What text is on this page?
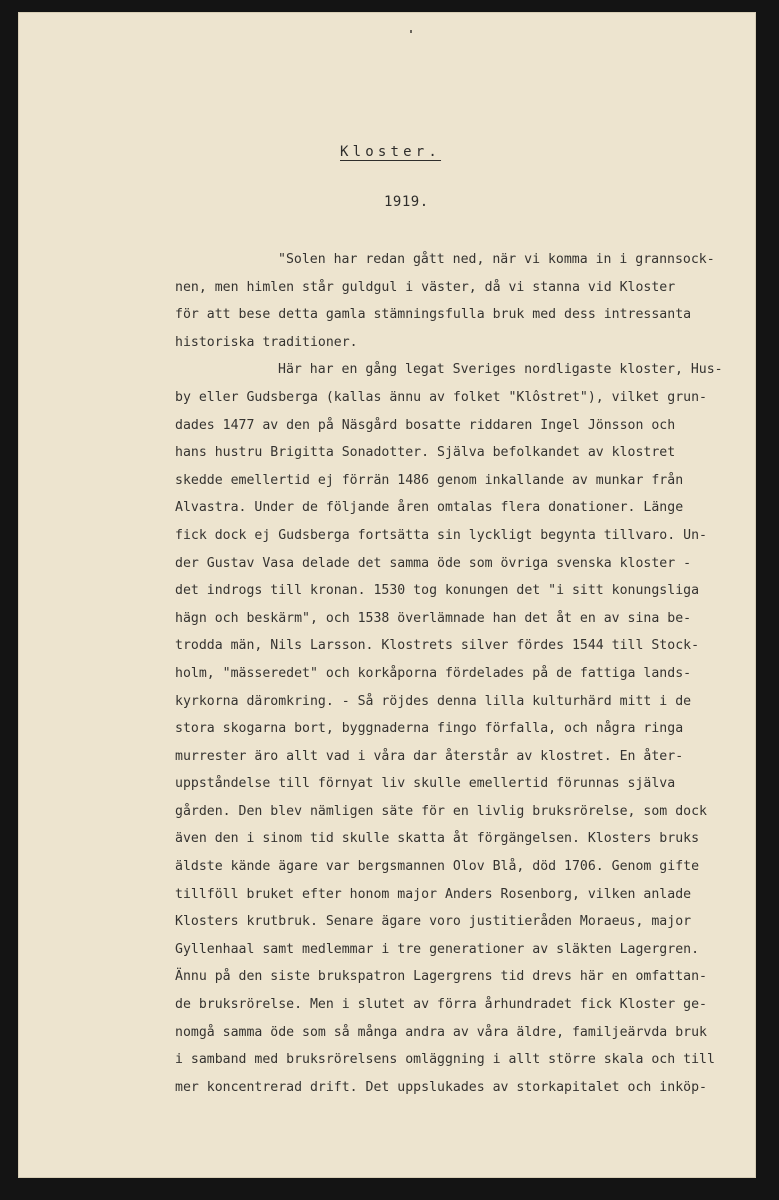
Kloster.
1919.
"Solen har redan gått ned, när vi komma in i grannsock-
nen, men himlen står guldgul i väster, då vi stanna vid Kloster
för att bese detta gamla stämningsfulla bruk med dess intressanta
historiska traditioner.
Här har en gång legat Sveriges nordligaste kloster, Hus-
by eller Gudsberga (kallas ännu av folket "Klôstret"), vilket grun-
dades 1477 av den på Näsgård bosatte riddaren Ingel Jönsson och
hans hustru Brigitta Sonadotter. Själva befolkandet av klostret
skedde emellertid ej förrän 1486 genom inkallande av munkar från
Alvastra. Under de följande åren omtalas flera donationer. Länge
fick dock ej Gudsberga fortsätta sin lyckligt begynta tillvaro. Un-
der Gustav Vasa delade det samma öde som övriga svenska kloster -
det indrogs till kronan. 1530 tog konungen det "i sitt konungsliga
hägn och beskärm", och 1538 överlämnade han det åt en av sina be-
trodda män, Nils Larsson. Klostrets silver fördes 1544 till Stock-
holm, "mässeredet" och korkåporna fördelades på de fattiga lands-
kyrkorna däromkring. - Så röjdes denna lilla kulturhärd mitt i de
stora skogarna bort, byggnaderna fingo förfalla, och några ringa
murrester äro allt vad i våra dar återstår av klostret. En åter-
uppståndelse till förnyat liv skulle emellertid förunnas själva
gården. Den blev nämligen säte för en livlig bruksrörelse, som dock
även den i sinom tid skulle skatta åt förgängelsen. Klosters bruks
äldste kände ägare var bergsmannen Olov Blå, död 1706. Genom gifte
tillföll bruket efter honom major Anders Rosenborg, vilken anlade
Klosters krutbruk. Senare ägare voro justitieråden Moraeus, major
Gyllenhaal samt medlemmar i tre generationer av släkten Lagergren.
Ännu på den siste brukspatron Lagergrens tid drevs här en omfattan-
de bruksrörelse. Men i slutet av förra århundradet fick Kloster ge-
nomgå samma öde som så många andra av våra äldre, familjeärvda bruk
i samband med bruksrörelsens omläggning i allt större skala och till
mer koncentrerad drift. Det uppslukades av storkapitalet och inköp-
